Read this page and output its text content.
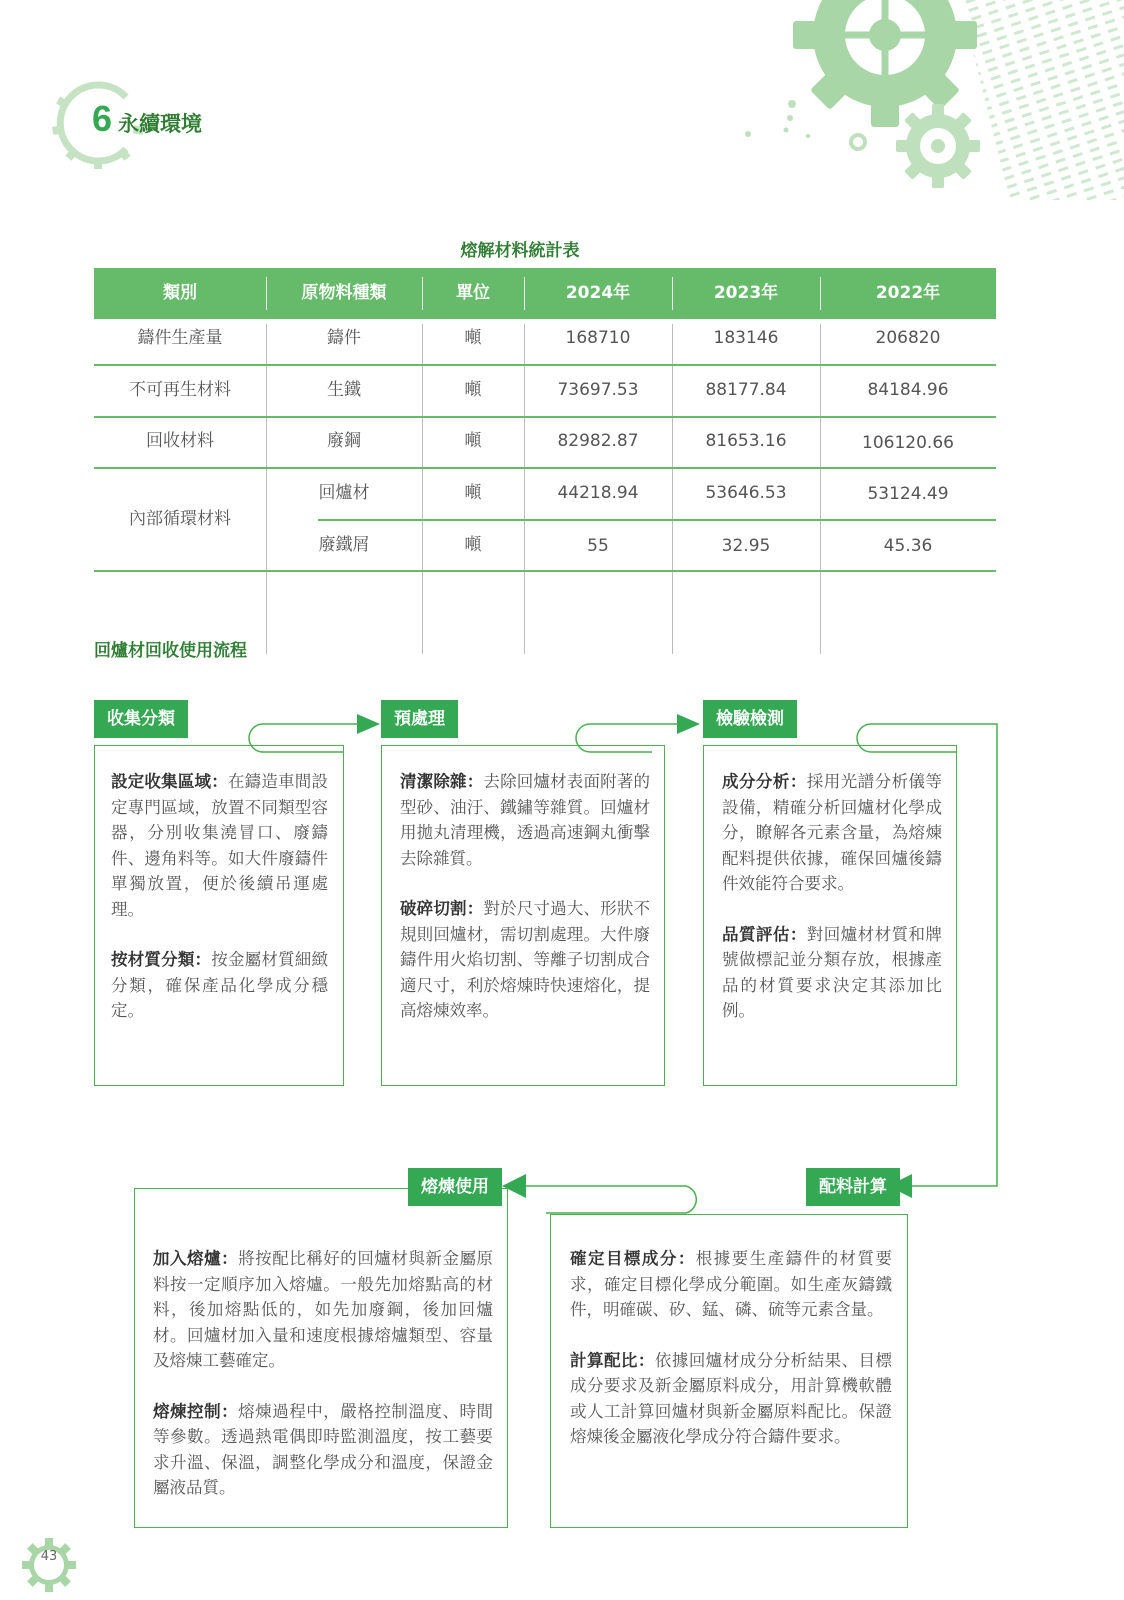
6 永續環境
熔解材料統計表
類別	原物料種類	單位	2024年	2023年	2022年
鑄件生產量	鑄件	噸	168710	183146	206820
不可再生材料	生鐵	噸	73697.53	88177.84	84184.96
回收材料	廢鋼	噸	82982.87	81653.16	106120.66
內部循環材料
回爐材	噸	44218.94	53646.53	53124.49
廢鐵屑	噸	55	32.95	45.36
回爐材回收使用流程
收集分類

設定收集區域：在鑄造車間設定專門區域，放置不同類型容器，分別收集澆冒口、廢鑄件、邊角料等。如大件廢鑄件單獨放置，便於後續吊運處理。

按材質分類：按金屬材質細緻分類，確保產品化學成分穩定。

預處理

清潔除雜：去除回爐材表面附著的型砂、油汙、鐵鏽等雜質。回爐材用拋丸清理機，透過高速鋼丸衝擊去除雜質。

破碎切割：對於尺寸過大、形狀不規則回爐材，需切割處理。大件廢鑄件用火焰切割、等離子切割成合適尺寸，利於熔煉時快速熔化，提高熔煉效率。

檢驗檢測

成分分析：採用光譜分析儀等設備，精確分析回爐材化學成分，瞭解各元素含量，為熔煉配料提供依據，確保回爐後鑄件效能符合要求。

品質評估：對回爐材材質和牌號做標記並分類存放，根據產品的材質要求決定其添加比例。

熔煉使用

加入熔爐：將按配比稱好的回爐材與新金屬原料按一定順序加入熔爐。一般先加熔點高的材料，後加熔點低的，如先加廢鋼，後加回爐材。回爐材加入量和速度根據熔爐類型、容量及熔煉工藝確定。

熔煉控制：熔煉過程中，嚴格控制溫度、時間等參數。透過熱電偶即時監測溫度，按工藝要求升溫、保溫，調整化學成分和溫度，保證金屬液品質。

配料計算

確定目標成分：根據要生產鑄件的材質要求，確定目標化學成分範圍。如生產灰鑄鐵件，明確碳、矽、錳、磷、硫等元素含量。

計算配比：依據回爐材成分分析結果、目標成分要求及新金屬原料成分，用計算機軟體或人工計算回爐材與新金屬原料配比。保證熔煉後金屬液化學成分符合鑄件要求。

43
